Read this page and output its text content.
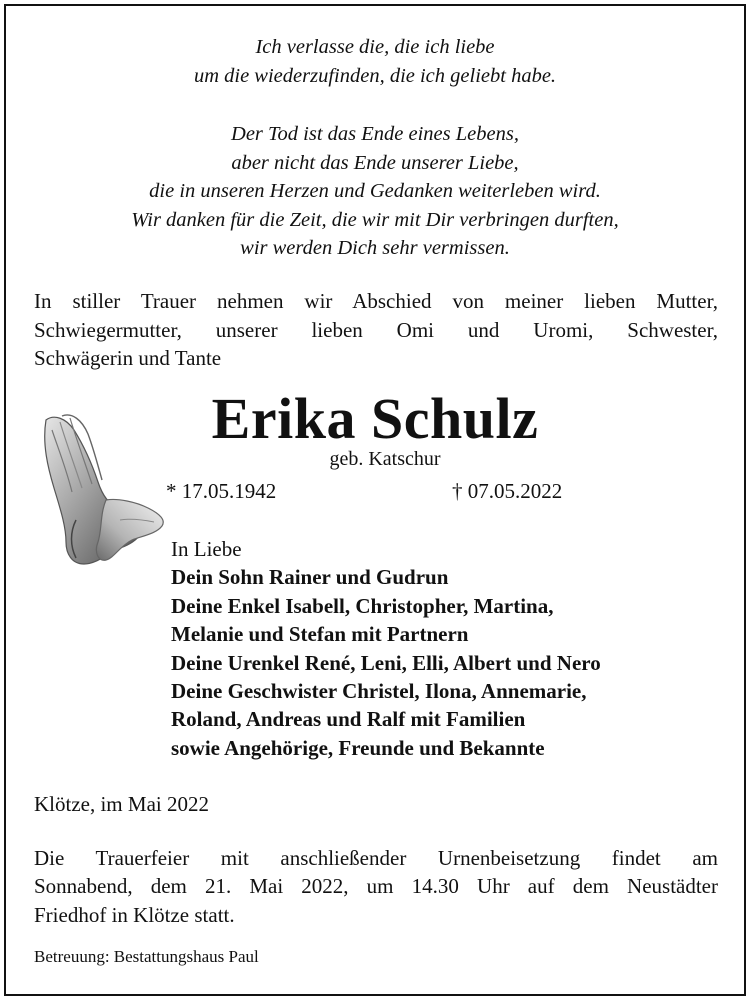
Ich verlasse die, die ich liebe

um die wiederzufinden, die ich geliebt habe.

Der Tod ist das Ende eines Lebens,

aber nicht das Ende unserer Liebe,

die in unseren Herzen und Gedanken weiterleben wird.

Wir danken für die Zeit, die wir mit Dir verbringen durften,

wir werden Dich sehr vermissen.

In stiller Trauer nehmen wir Abschied von meiner lieben Mutter,

Schwiegermutter, unserer lieben Omi und Uromi, Schwester,

Schwägerin und Tante

Erika Schulz
geb. Katschur
* 17.05.1942	† 07.05.2022

In Liebe

Dein Sohn Rainer und Gudrun

Deine Enkel Isabell, Christopher, Martina,

Melanie und Stefan mit Partnern

Deine Urenkel René, Leni, Elli, Albert und Nero

Deine Geschwister Christel, Ilona, Annemarie,

Roland, Andreas und Ralf mit Familien

sowie Angehörige, Freunde und Bekannte

Klötze, im Mai 2022

Die Trauerfeier mit anschließender Urnenbeisetzung findet am

Sonnabend, dem 21. Mai 2022, um 14.30 Uhr auf dem Neustädter

Friedhof in Klötze statt.

Betreuung: Bestattungshaus Paul
